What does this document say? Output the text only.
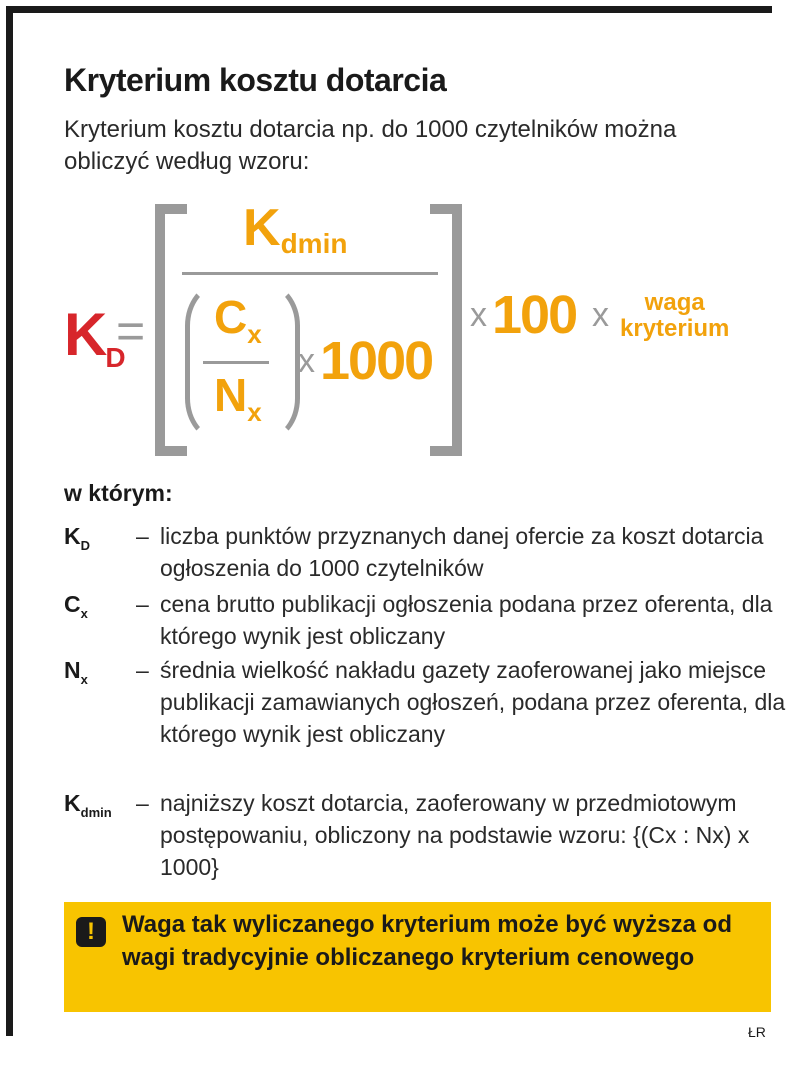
Kryterium kosztu dotarcia
Kryterium kosztu dotarcia np. do 1000 czytelników można obliczyć według wzoru:
$K_D$
=
$K_{dmin}$
$C_x$
$N_x$
x 1000
x 100 x	waga
kryterium
w którym:
$K_D$ – liczba punktów przyznanych danej ofercie za koszt dotarcia ogłoszenia do 1000 czytelników
$C_x$ – cena brutto publikacji ogłoszenia podana przez oferenta, dla którego wynik jest obliczany
$N_x$ – średnia wielkość nakładu gazety zaoferowanej jako miejsce publikacji zamawianych ogłoszeń, podana przez oferenta, dla którego wynik jest obliczany
$K_{dmin}$ – najniższy koszt dotarcia, zaoferowany w przedmiotowym postępowaniu, obliczony na podstawie wzoru: {(Cx : Nx) x 1000}
!	Waga tak wyliczanego kryterium może być wyższa od wagi tradycyjnie obliczanego kryterium cenowego
ŁR
